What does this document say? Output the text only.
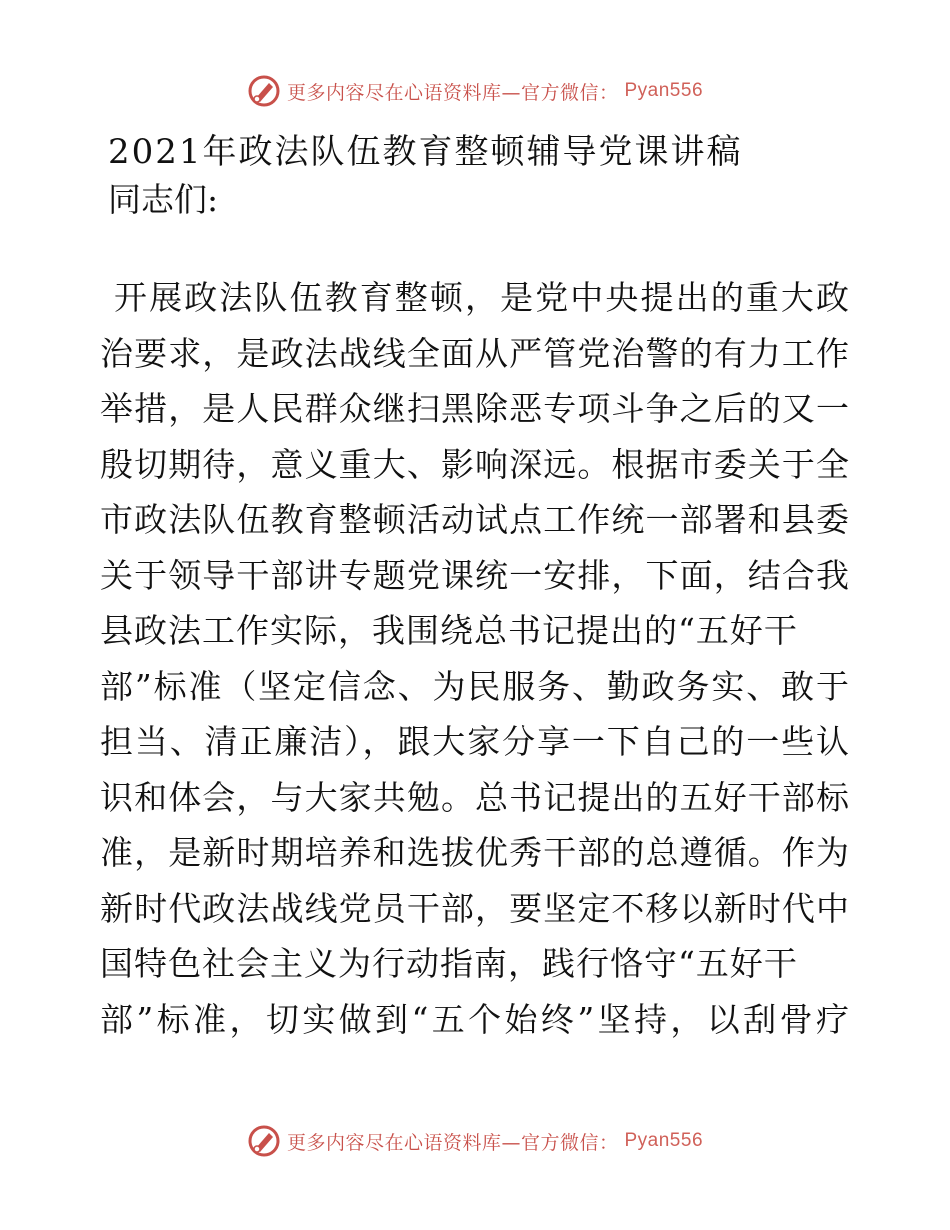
更多内容尽在心语资料库—官方微信： Pyan556
2021年政法队伍教育整顿辅导党课讲稿
同志们:
开展政法队伍教育整顿，是党中央提出的重大政
治要求，是政法战线全面从严管党治警的有力工作
举措，是人民群众继扫黑除恶专项斗争之后的又一
殷切期待，意义重大、影响深远。根据市委关于全
市政法队伍教育整顿活动试点工作统一部署和县委
关于领导干部讲专题党课统一安排，下面，结合我
县政法工作实际，我围绕总书记提出的“五好干
部”标准（坚定信念、为民服务、勤政务实、敢于
担当、清正廉洁），跟大家分享一下自己的一些认
识和体会，与大家共勉。总书记提出的五好干部标
准，是新时期培养和选拔优秀干部的总遵循。作为
新时代政法战线党员干部，要坚定不移以新时代中
国特色社会主义为行动指南，践行恪守“五好干
部”标准，切实做到“五个始终”坚持，以刮骨疗
更多内容尽在心语资料库—官方微信： Pyan556
